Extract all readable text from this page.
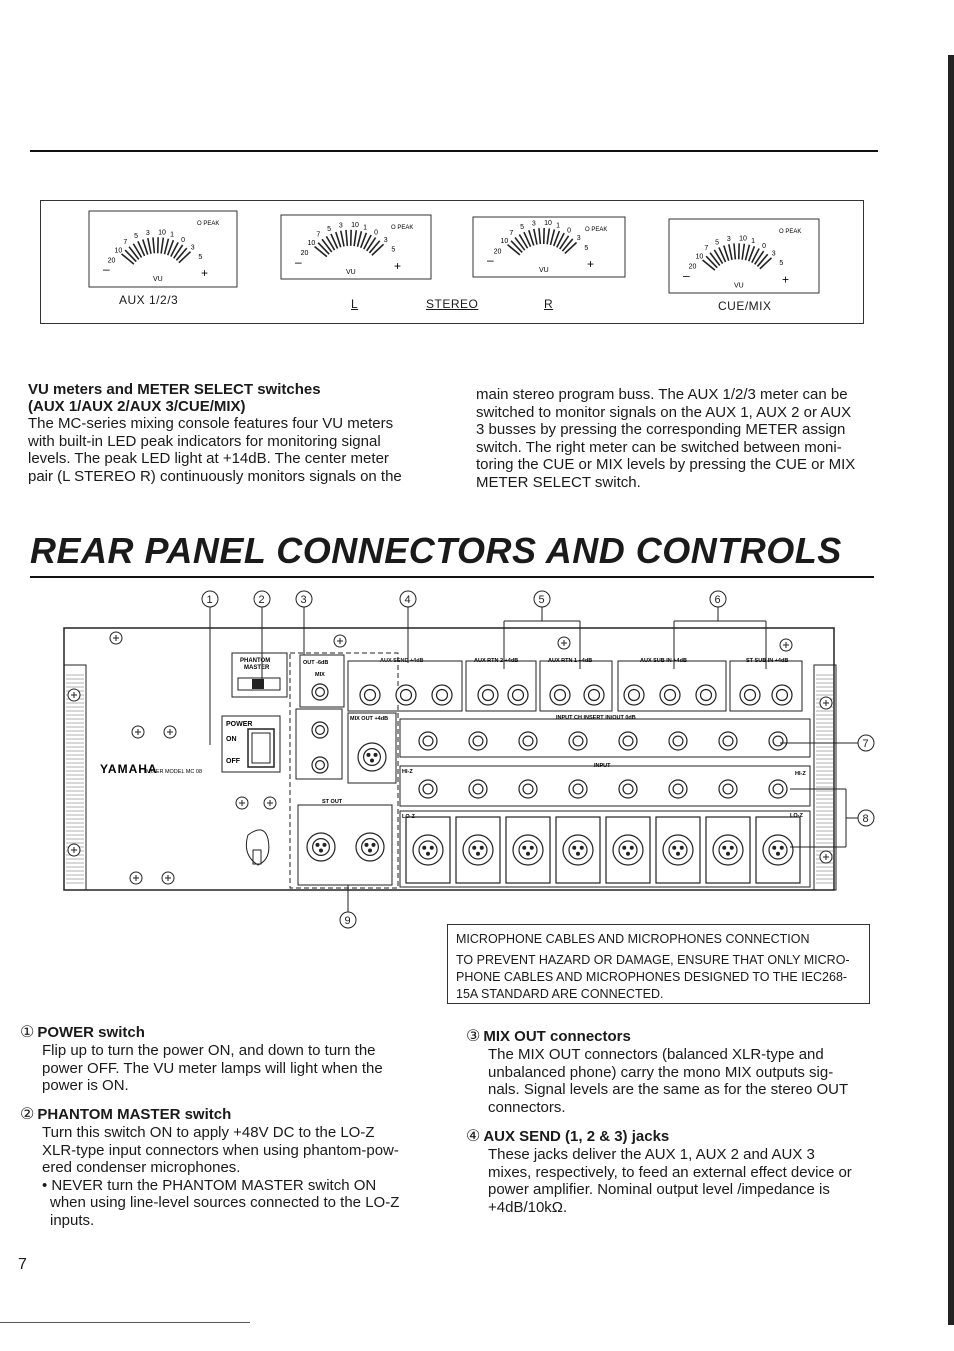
20
10
7
5 3 10 1
0
3
5
O PEAK
–	+
VU
20
10
7
5 3 10 1
0
3
5
O PEAK
–	+
VU
20
10
7
5 3 10 1
0
3
5
O PEAK
–	+
VU	20
10
7
5 3 10 1
0
3
5
O PEAK
–	+
VU
AUX 1/2/3	L	STEREO	R	CUE/MIX
VU meters and METER SELECT switches
(AUX 1/AUX 2/AUX 3/CUE/MIX)
The MC-series mixing console features four VU meters
with built-in LED peak indicators for monitoring signal
levels. The peak LED light at +14dB. The center meter
pair (L STEREO R) continuously monitors signals on the
main stereo program buss. The AUX 1/2/3 meter can be
switched to monitor signals on the AUX 1, AUX 2 or AUX
3 busses by pressing the corresponding METER assign
switch. The right meter can be switched between moni-
toring the CUE or MIX levels by pressing the CUE or MIX
METER SELECT switch.
REAR PANEL CONNECTORS AND CONTROLS
1	2	3	4	5	6
7
8
9
YAMAHA
MIXER MODEL MC 08
PHANTOM
MASTER
POWER
ON
OFF
OUT -6dB
MIX
MIX OUT +4dB
ST OUT
AUX SEND +4dB	AUX RTN 2 +4dB	AUX RTN 1 +4dB	AUX SUB IN +4dB	ST SUB IN +4dB
INPUT CH INSERT IN/OUT 0dB
INPUT
HI-Z	HI-Z
LO-Z	LO-Z
MICROPHONE CABLES AND MICROPHONES CONNECTION
TO PREVENT HAZARD OR DAMAGE, ENSURE THAT ONLY MICRO-
PHONE CABLES AND MICROPHONES DESIGNED TO THE IEC268-
15A STANDARD ARE CONNECTED.
① POWER switch
Flip up to turn the power ON, and down to turn the
power OFF. The VU meter lamps will light when the
power is ON.
② PHANTOM MASTER switch
Turn this switch ON to apply +48V DC to the LO-Z
XLR-type input connectors when using phantom-pow-
ered condenser microphones.
• NEVER turn the PHANTOM MASTER switch ON
when using line-level sources connected to the LO-Z
inputs.
③ MIX OUT connectors
The MIX OUT connectors (balanced XLR-type and
unbalanced phone) carry the mono MIX outputs sig-
nals. Signal levels are the same as for the stereo OUT
connectors.
④ AUX SEND (1, 2 & 3) jacks
These jacks deliver the AUX 1, AUX 2 and AUX 3
mixes, respectively, to feed an external effect device or
power amplifier. Nominal output level /impedance is
+4dB/10kΩ.
7
